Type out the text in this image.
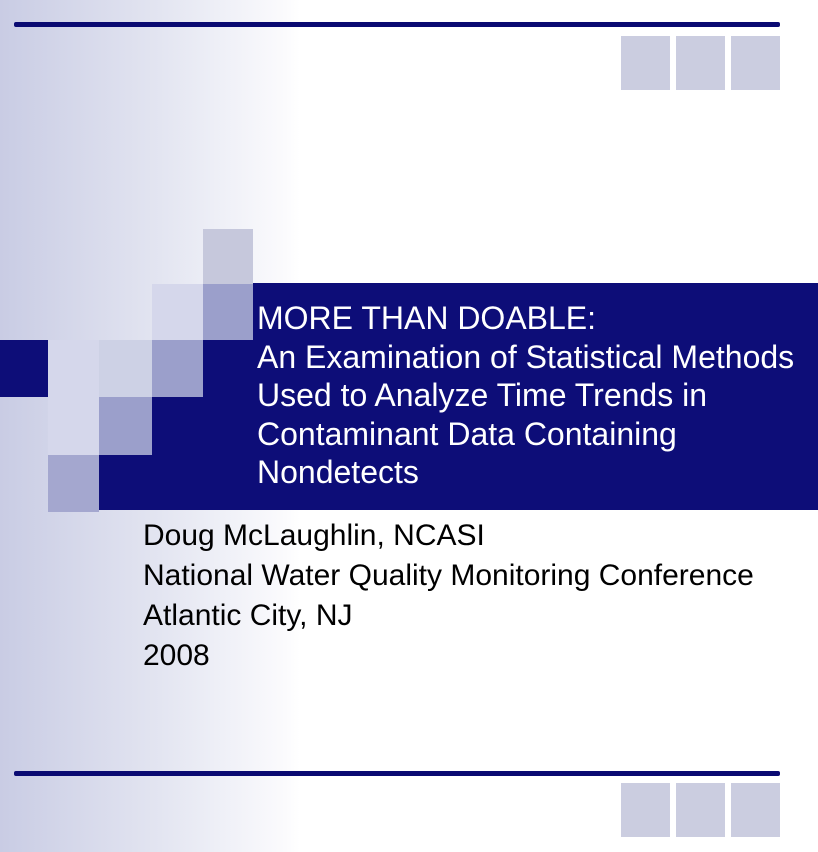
MORE THAN DOABLE:
An Examination of Statistical Methods
Used to Analyze Time Trends in
Contaminant Data Containing
Nondetects
Doug McLaughlin, NCASI
National Water Quality Monitoring Conference
Atlantic City, NJ
2008
